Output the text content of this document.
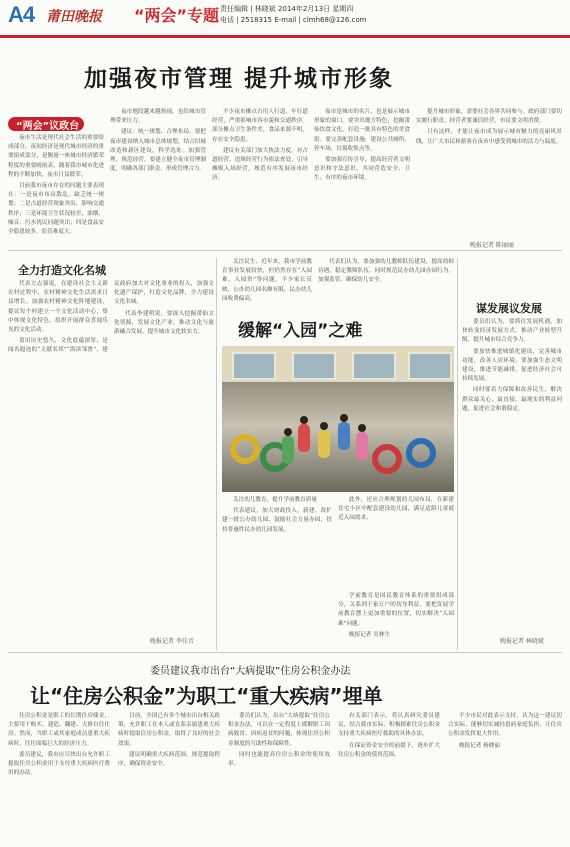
A4 莆田晚报 “两会”专题 责任编辑 | 林晓斌 2014年2月13日 星期四
电话 | 2518315 E-mail | clmh68@126.com
加强夜市管理 提升城市形象
“两会”议政台

夜市生活是现代社会生活的重要组成部分，夜间经济是现代城市经济的重要组成部分，是衡量一座城市经济繁荣程度的重要晴雨表。随着我市城市化进程的不断加快，夜市日益繁荣。

目前我市夜市存在的问题主要表现在：一是夜市布局散乱，缺乏统一规划；二是占道经营现象突出，影响交通秩序；三是环境卫生状况较差，油烟、噪音、污水扰民问题突出；四是食品安全隐患较多，监管难度大。

夜市地段越来越热闹，也给城市管理带来压力。

建议：统一规划，合理布局。要把夜市建设纳入城市总体规划，结合旧城改造和新区建设，科学选址。加强管理，规范经营。要建立健全夜市管理制度，明确各部门职责，形成管理合力。

不少夜市摊点占用人行道、车行道经营，严重影响市容市貌和交通秩序。部分摊点卫生条件差，食品来源不明，存在安全隐患。

建议有关部门加大执法力度，对占道经营、违规经营行为依法查处，引导摊贩入场经营，规范有序发展夜市经济。

夜市是城市的名片，也是展示城市形象的窗口。要突出地方特色，挖掘莆仙饮食文化，打造一批具有特色的美食街。要完善配套设施，建设公共厕所、停车场、垃圾收集点等。

要加强宣传引导，提高经营者文明意识和守法意识，共同营造安全、卫生、有序的夜市环境。

提升城市形象，需要社会各界共同参与。政府部门要切实履行职责，经营者要诚信经营，市民要文明消费。

只有这样，才能让夜市成为展示城市魅力的亮丽风景线，让广大市民和游客在夜市中感受到城市的活力与温度。

晚报记者 陈丽丽
全力打造文化名城

代表方志强说，在建设社会主义新农村过程中，农村精神文化生活需求日益增长。加强农村精神文化阵地建设，提议每个村建立一个文化活动中心，集中体现文化特色，组织开展群众喜闻乐见的文化活动。

莆田历史悠久，文化底蕴深厚，是闻名遐迩的“文献名邦”“海滨邹鲁”。建议政府加大对文化事业的投入，加强文化遗产保护，打造文化品牌，全力建设文化名城。

代表李建明说，要深入挖掘莆仙文化资源，发展文化产业，推动文化与旅游融合发展，提升城市文化软实力。

晚报记者 李佳音
缓解“入园”之难

关注民生、近年来，我市学前教育事业发展较快，但仍然存在“入园难、入园贵”等问题。不少家长反映，公办幼儿园名额有限，民办幼儿园收费偏高。

代表们认为，要加强幼儿教师队伍建设，提高幼师待遇，稳定教师队伍。同时规范民办幼儿园办园行为，加强监管，确保幼儿安全。

关注幼儿教育，提升学前教育质量

代表建议，加大财政投入，新建、改扩建一批公办幼儿园，鼓励社会力量办园，扶持普惠性民办幼儿园发展。

此外，还应合理规划幼儿园布局，在新建住宅小区中配套建设幼儿园，满足适龄儿童就近入园需求。

学前教育是国民教育体系的重要组成部分，关系到千家万户的切身利益。要把发展学前教育摆上更加重要的位置，切实解决“入园难”问题。

晚报记者 吴林生

谋发展议发展

委员们认为，要抓住发展机遇，加快转变经济发展方式，推动产业转型升级，提升城市综合竞争力。

要加快推进城镇化建设，完善城市功能，改善人居环境。要加强生态文明建设，推进节能减排，促进经济社会可持续发展。

同时要着力保障和改善民生，解决群众最关心、最直接、最现实的利益问题，促进社会和谐稳定。

晚报记者 林晓斌
委员建议我市出台“大病提取”住房公积金办法
让“住房公积金”为职工“重大疾病”埋单

住房公积金是职工的长期住房储金，主要用于购买、建造、翻建、大修自住住房。然而，当职工或其家庭成员患重大疾病时，往往面临巨大的经济压力。

委员建议，我市应尽快出台允许职工提取住房公积金用于支付重大疾病医疗费用的办法。

目前，全国已有多个城市出台相关政策，允许职工在本人或直系亲属患重大疾病时提取住房公积金，取得了良好的社会效果。

建议明确重大疾病范围，规范提取程序，确保资金安全。

委员们认为，出台“大病提取”住房公积金办法，可以在一定程度上缓解职工因病致贫、因病返贫的问题，体现住房公积金制度的互助性和保障性。

同时也能提高住房公积金的使用效率。

有关部门表示，将认真研究委员建议，结合我市实际，积极探索住房公积金支持重大疾病医疗救助的具体办法。

在保证资金安全的前提下，逐步扩大住房公积金的使用范围。

不少市民对此表示支持，认为这一建议切合实际，能够切实减轻患病家庭负担，让住房公积金发挥更大作用。

晚报记者 杨晓丽
